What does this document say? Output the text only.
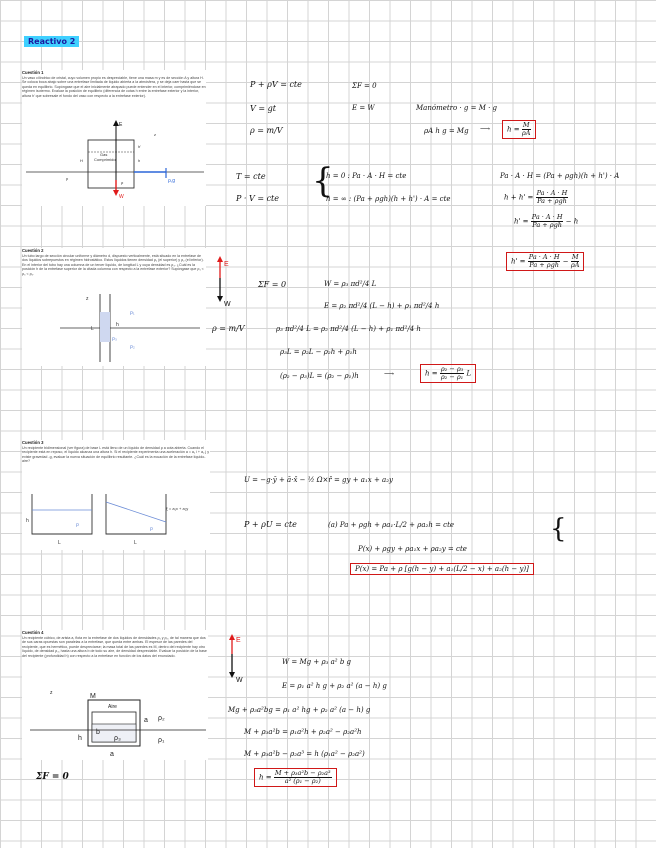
Reactivo 2
Cuestión 1
Un vaso cilíndrico de cristal, cuyo volumen propio es despreciable, tiene una masa m y es de sección A y altura H. Se coloca boca abajo sobre una entrefase limitada de líquido abierta a la atmósfera, y se deja caer hasta que se queda en equilibrio. Supóngase que el aire inicialmente atrapado puede entender en el interior, comprimiéndose en régimen isotermo. Evaluar la posición de equilibrio (diferencia de cotas h entre la entrefase exterior y la interior, altura h' que sobresale el fondo del vaso con respecto a la entrefase exterior).
Gas
Comprimido
H	h
h'
p
z
ρ
E
W
ρ,g
Cuestión 2
Un tubo largo de sección circular uniforme y diámetro d, dispuesto verticalmente, está situado en la entrefase de dos líquidos sobrepuestos en régimen hidrostático. Estos líquidos tienen densidad ρ₁ (el superior) y ρ₂ (el inferior). En el interior del tubo hay una columna de un tercer líquido, de longitud L y cuya densidad es ρ₃. ¿Cuál es la posición h de la entrefase superior de la citada columna con respecto a la entrefase exterior? Supóngase que ρ₁ < ρ₃ < ρ₂.
L
h
ρ₁
ρ₂
ρ₃
z
Cuestión 3
Un recipiente bidimensional (ver figura) de base L está lleno de un líquido de densidad ρ a cota abierta. Cuando el recipiente está en reposo, el líquido alcanza una altura h. Si el recipiente experimenta una aceleración a = a₁ i + a₂ j y existe gravedad -g, evaluar la nueva situación de equilibrio resultante. ¿Cuál es la ecuación de la entrefase líquido-aire?
h
L
ρ
L
ρ
ξ = a₁x + a₂y
Cuestión 4
Un recipiente cúbico, de arista a, flota en la entrefase de dos líquidos de densidades ρ₁ y ρ₂, de tal manera que dos de sus caras opuestas son paralelas a la entrefase, que queda entre ambas. El espesor de las paredes del recipiente, que es hermético, puede despreciarse; la masa total de las paredes es M, dentro del recipiente hay otro líquido, de densidad ρ₃, hasta una altura b de todo su aire, de densidad despreciable. Evaluar la posición de la base del recipiente (profundidad h) con respecto a la entrefase en función de los datos del enunciado.
M
Aire
a
a
b
h
ρ₂
ρ₁
ρ₃
z
ΣF = 0
P + ρV = cte	ΣF = 0
V = gt	E = W	Manómetro · g = M · g
ρ = m/V	ρA h g = Mg ⟶	$h = \frac{M}{\rho A}$
T = cte {
h = 0 : Pa · A · H = cte	Pa · A · H = (Pa + ρgh)(h + h') · A
P · V = cte	h = ∞ : (Pa + ρgh)(h + h') · A = cte	$h + h' = \frac{Pa \cdot A \cdot H}{\text{Pa + ρgh}}$
$h' = \frac{Pa \cdot A \cdot H}{\text{Pa + ρgh}} - h$
$h' = \frac{Pa \cdot A \cdot H}{\text{Pa + ρgh}} - \frac{M}{\rho A}$
E
W
ΣF = 0	W = ρ₃ πd²/4 L
E = ρ₂ πd²/4 (L − h) + ρ₁ πd²/4 h
ρ = m/V	ρ₃ πd²/4 L = ρ₂ πd²/4 (L − h) + ρ₁ πd²/4 h
ρ₃L = ρ₂L − ρ₂h + ρ₁h
(ρ₂ − ρ₃)L = (ρ₂ − ρ₁)h	⟶	$h = \frac{\text{ρ₂ − ρ₃}}{\text{ρ₂ − ρ₁}}$ L
U = −g·ȳ + ā·x̄ − ½ Ω×r̄ = gy + a₁x + a₂y
P + ρU = cte	(a) Pa + ρgh + ρa₁·L/2 + ρa₂h = cte	{
P(x) + ρgy + ρa₁x + ρa₂y = cte
P(x) = Pa + ρ [g(h − y) + a₁(L/2 − x) + a₂(h − y)]
E
W
W = Mg + ρ₃ a² b g
E = ρ₁ a² h g + ρ₂ a² (a − h) g
Mg + ρ₃a²bg = ρ₁ a² hg + ρ₂ a² (a − h) g
M + ρ₃a²b = ρ₁a²h + ρ₂a² − ρ₂a²h
M + ρ₃a²b − ρ₂a³ = h (ρ₁a² − ρ₂a²)
$h = \frac{\text{M + ρ₃a²b − ρ₂a³}}{\text{a² (ρ₁ − ρ₂)}}$
